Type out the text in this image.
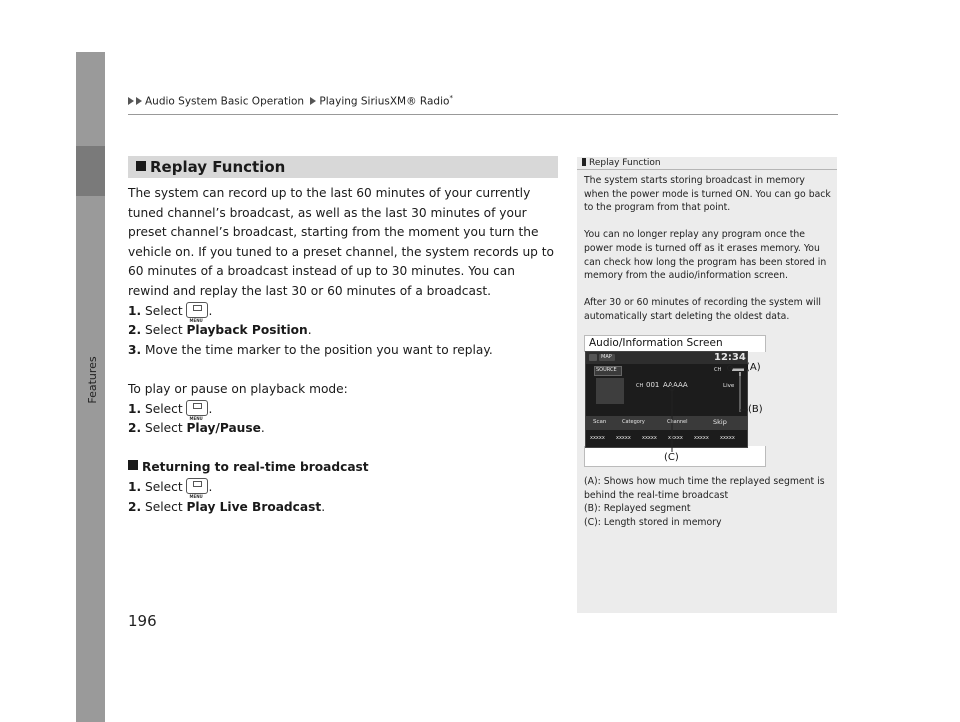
Features
Audio System Basic Operation Playing SiriusXM® Radio*
Replay Function

The system can record up to the last 60 minutes of your currently tuned channel’s broadcast, as well as the last 30 minutes of your preset channel’s broadcast, starting from the moment you turn the vehicle on. If you tuned to a preset channel, the system records up to 60 minutes of a broadcast instead of up to 30 minutes. You can rewind and replay the last 30 or 60 minutes of a broadcast.

1. Select MENU .
2. Select Playback Position.
3. Move the time marker to the position you want to replay.

To play or pause on playback mode:

1. Select MENU .
2. Select Play/Pause.
Returning to real-time broadcast
1. Select MENU .
2. Select Play Live Broadcast.
196
Replay Function

The system starts storing broadcast in memory when the power mode is turned ON. You can go back to the program from that point.

You can no longer replay any program once the power mode is turned off as it erases memory. You can check how long the program has been stored in memory from the audio/information screen.

After 30 or 60 minutes of recording the system will automatically start deleting the oldest data.

Audio/Information Screen
MAP	12:34
SOURCE
CH 001 AAAAA
CH
Live
Scan	Category	Channel	Skip
xxxxx xxxxx xxxxx xxxxx xxxxx xxxxx
(A)
(B)
(C)

(A): Shows how much time the replayed segment is behind the real-time broadcast

(B): Replayed segment

(C): Length stored in memory
